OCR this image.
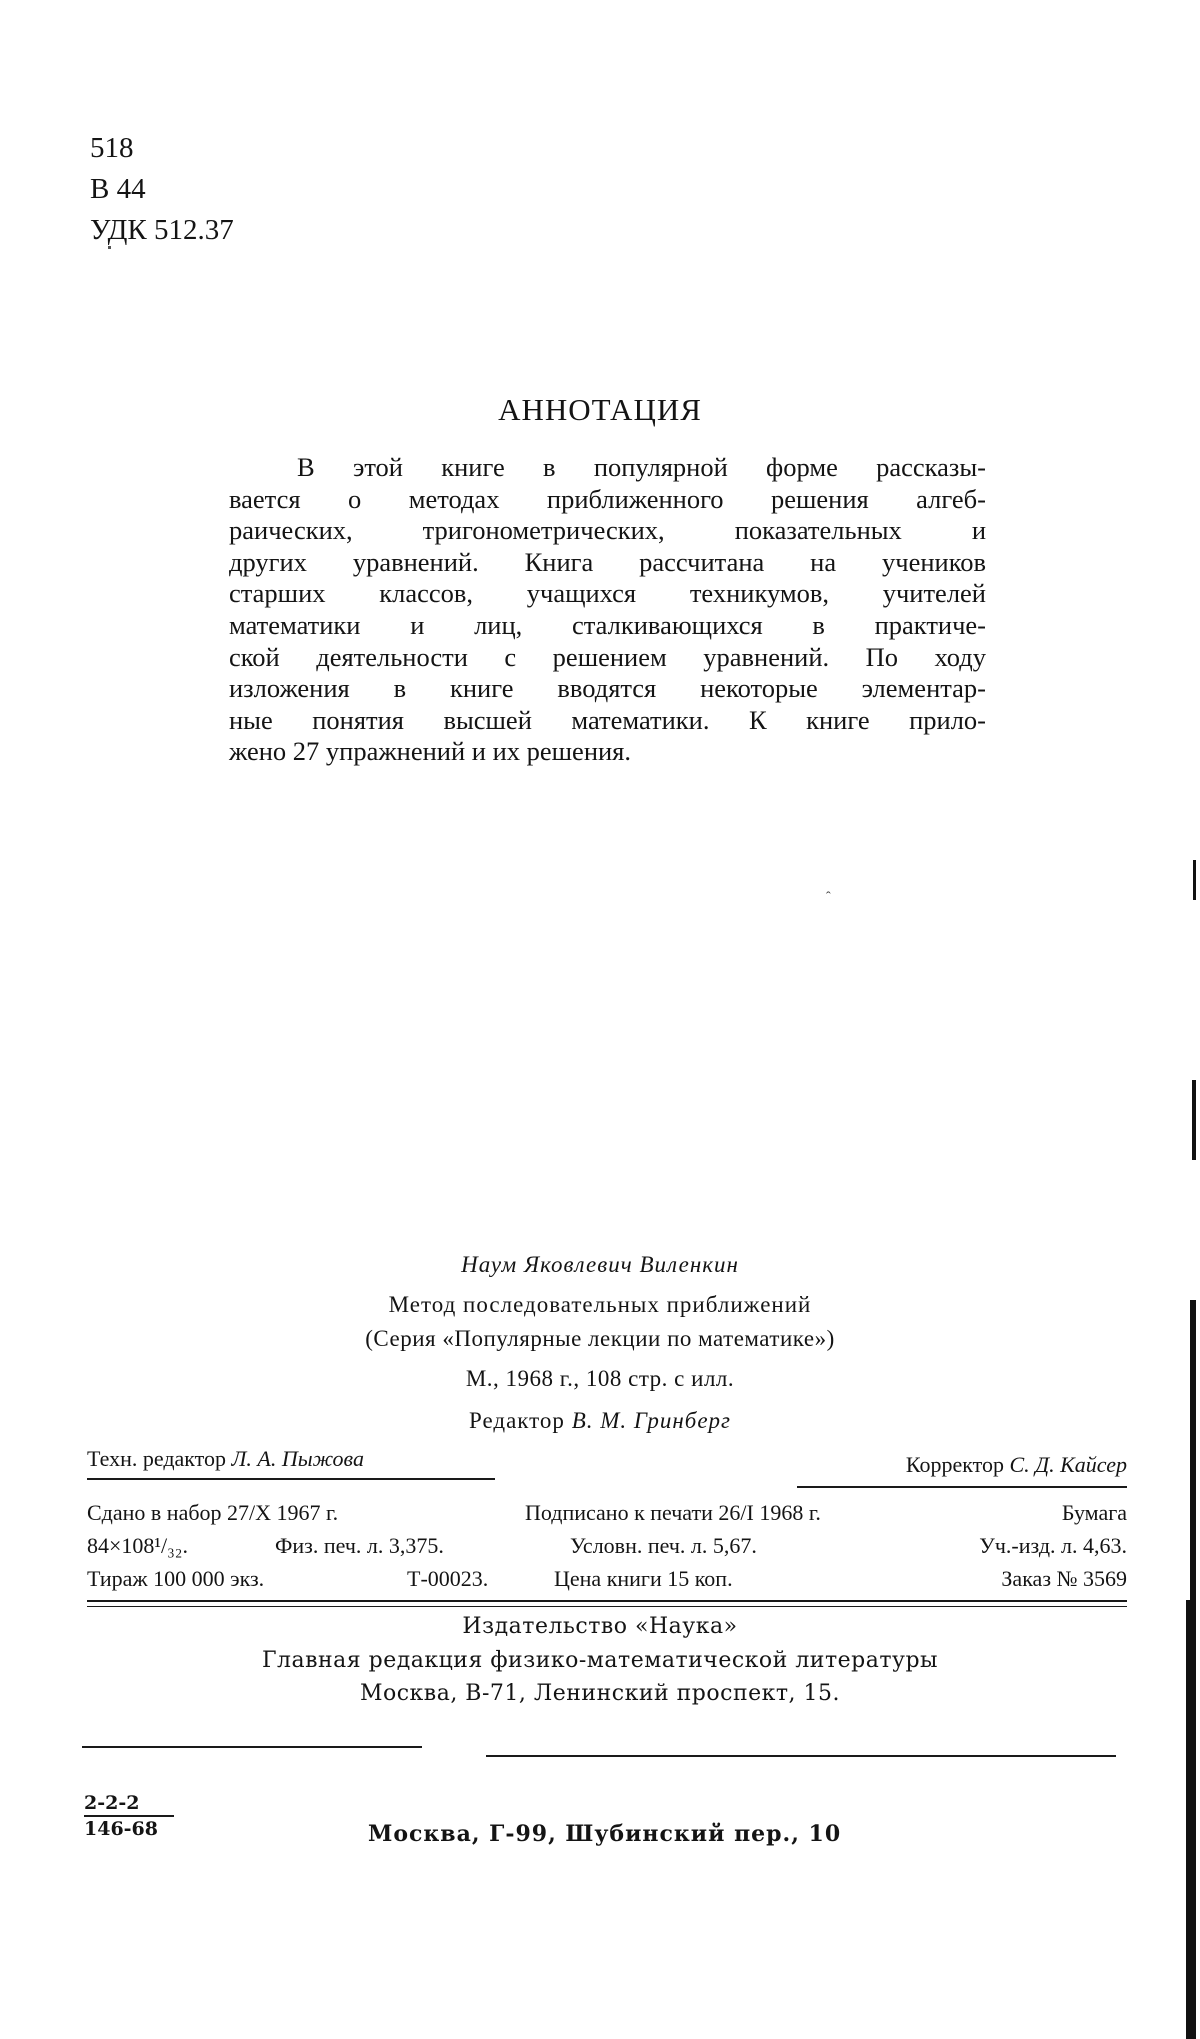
518
В 44
УДК 512.37
АННОТАЦИЯ
В этой книге в популярной форме рассказы-
вается о методах приближенного решения алгеб-
раических, тригонометрических, показательных и
других уравнений. Книга рассчитана на учеников
старших классов, учащихся техникумов, учителей
математики и лиц, сталкивающихся в практиче-
ской деятельности с решением уравнений. По ходу
изложения в книге вводятся некоторые элементар-
ные понятия высшей математики. К книге прило-
жено 27 упражнений и их решения.
ˆ
Наум Яковлевич Виленкин
Метод последовательных приближений
(Серия «Популярные лекции по математике»)
М., 1968 г., 108 стр. с илл.
Редактор В. М. Гринберг
Техн. редактор Л. А. Пыжова	Корректор С. Д. Кайсер
Сдано в набор 27/X 1967 г.	Подписано к печати 26/I 1968 г.	Бумага
84×108¹/₃₂.	Физ. печ. л. 3,375.	Условн. печ. л. 5,67.	Уч.-изд. л. 4,63.
Тираж 100 000 экз.	Т-00023.	Цена книги 15 коп.	Заказ № 3569
Издательство «Наука»
Главная редакция физико-математической литературы
Москва, В-71, Ленинский проспект, 15.
2-2-2
146-68	Москва, Г-99, Шубинский пер., 10
